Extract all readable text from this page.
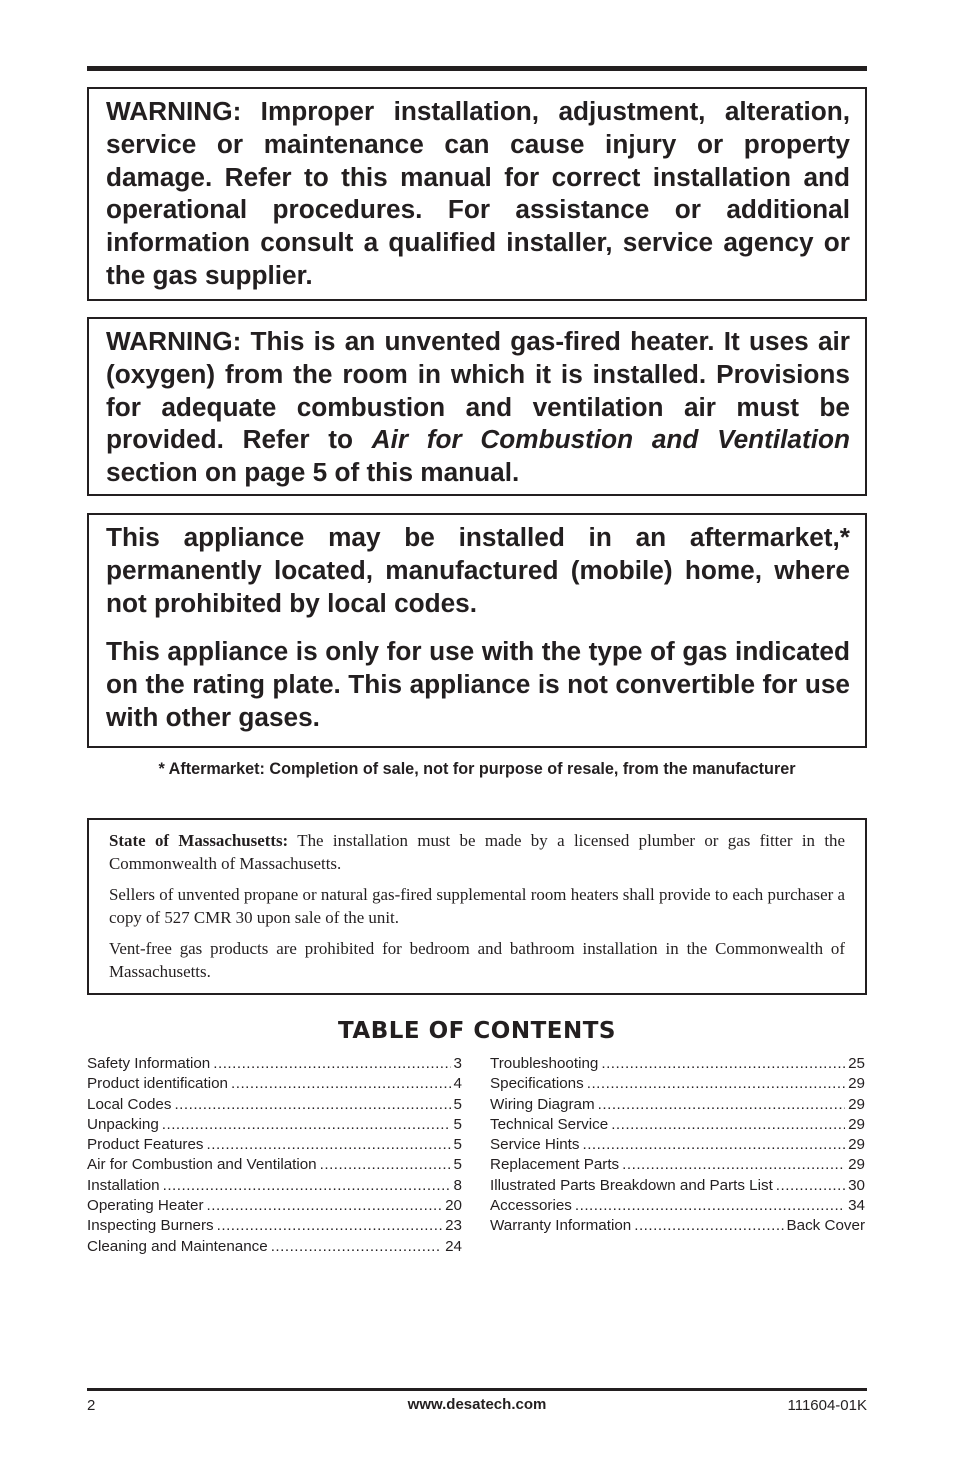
WARNING: Improper installation, adjustment, alteration, service or maintenance can cause injury or property damage. Refer to this manual for correct installation and operational procedures. For assistance or additional information consult a qualified installer, service agency or the gas supplier.

WARNING: This is an unvented gas-fired heater. It uses air (oxygen) from the room in which it is installed. Provisions for adequate combustion and ventilation air must be provided. Refer to Air for Combustion and Ventilation section on page 5 of this manual.

This appliance may be installed in an aftermarket,* permanently located, manufactured (mobile) home, where not prohibited by local codes.

This appliance is only for use with the type of gas indicated on the rating plate. This appliance is not convertible for use with other gases.

* Aftermarket: Completion of sale, not for purpose of resale, from the manufacturer

State of Massachusetts: The installation must be made by a licensed plumber or gas fitter in the Commonwealth of Massachusetts.

Sellers of unvented propane or natural gas-fired supplemental room heaters shall provide to each purchaser a copy of 527 CMR 30 upon sale of the unit.

Vent-free gas products are prohibited for bedroom and bathroom installation in the Commonwealth of Massachusetts.

TABLE OF CONTENTS
Safety Information .....	3
Product identification .....	4
Local Codes .....	5
Unpacking .....	5
Product Features .....	5
Air for Combustion and Ventilation .....	5
Installation .....	8
Operating Heater .....	20
Inspecting Burners .....	23
Cleaning and Maintenance .....	24
Troubleshooting .....	25
Specifications .....	29
Wiring Diagram .....	29
Technical Service .....	29
Service Hints .....	29
Replacement Parts .....	29
Illustrated Parts Breakdown and Parts List .....	30
Accessories .....	34
Warranty Information .....	Back Cover
2	www.desatech.com	111604-01K
